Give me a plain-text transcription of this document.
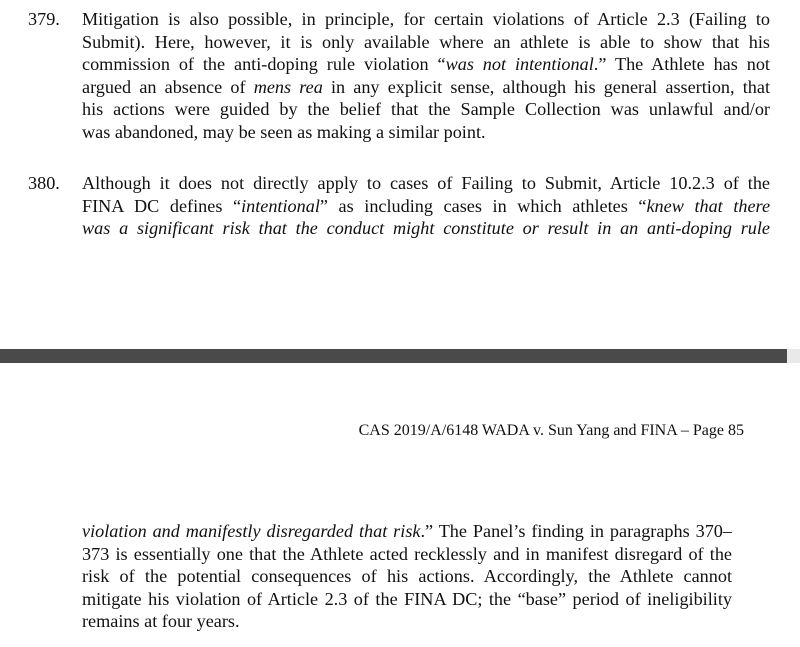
379.	Mitigation is also possible, in principle, for certain violations of Article 2.3 (Failing to
Submit). Here, however, it is only available where an athlete is able to show that his
commission of the anti-doping rule violation “was not intentional.” The Athlete has not
argued an absence of mens rea in any explicit sense, although his general assertion, that
his actions were guided by the belief that the Sample Collection was unlawful and/or
was abandoned, may be seen as making a similar point.
380.	Although it does not directly apply to cases of Failing to Submit, Article 10.2.3 of the
FINA DC defines “intentional” as including cases in which athletes “knew that there
was a significant risk that the conduct might constitute or result in an anti-doping rule
CAS 2019/A/6148 WADA v. Sun Yang and FINA – Page 85
violation and manifestly disregarded that risk.” The Panel’s finding in paragraphs 370–
373 is essentially one that the Athlete acted recklessly and in manifest disregard of the
risk of the potential consequences of his actions. Accordingly, the Athlete cannot
mitigate his violation of Article 2.3 of the FINA DC; the “base” period of ineligibility
remains at four years.
